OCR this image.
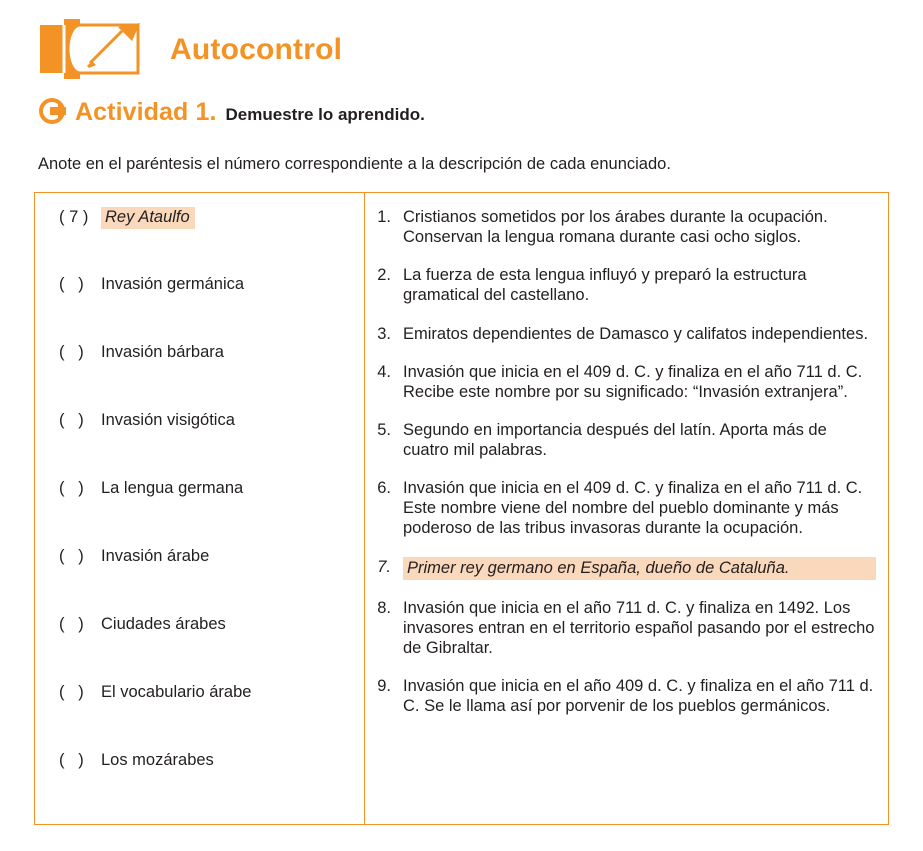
Autocontrol
Actividad 1. Demuestre lo aprendido.
Anote en el paréntesis el número correspondiente a la descripción de cada enunciado.
( 7 )	Rey Ataulfo
(   )	Invasión germánica
(   )	Invasión bárbara
(   )	Invasión visigótica
(   )	La lengua germana
(   )	Invasión árabe
(   )	Ciudades árabes
(   )	El vocabulario árabe
(   )	Los mozárabes
1. Cristianos sometidos por los árabes durante la ocupación. Conservan la lengua romana durante casi ocho siglos.
2. La fuerza de esta lengua influyó y preparó la estructura gramatical del castellano.
3. Emiratos dependientes de Damasco y califatos independientes.
4. Invasión que inicia en el 409 d. C. y finaliza en el año 711 d. C. Recibe este nombre por su significado: “Invasión extranjera”.
5. Segundo en importancia después del latín. Aporta más de cuatro mil palabras.
6. Invasión que inicia en el 409 d. C. y finaliza en el año 711 d. C. Este nombre viene del nombre del pueblo dominante y más poderoso de las tribus invasoras durante la ocupación.
7. Primer rey germano en España, dueño de Cataluña.
8. Invasión que inicia en el año 711 d. C. y finaliza en 1492. Los invasores entran en el territorio español pasando por el estrecho de Gibraltar.
9. Invasión que inicia en el año 409 d. C. y finaliza en el año 711 d. C. Se le llama así por porvenir de los pueblos germánicos.
